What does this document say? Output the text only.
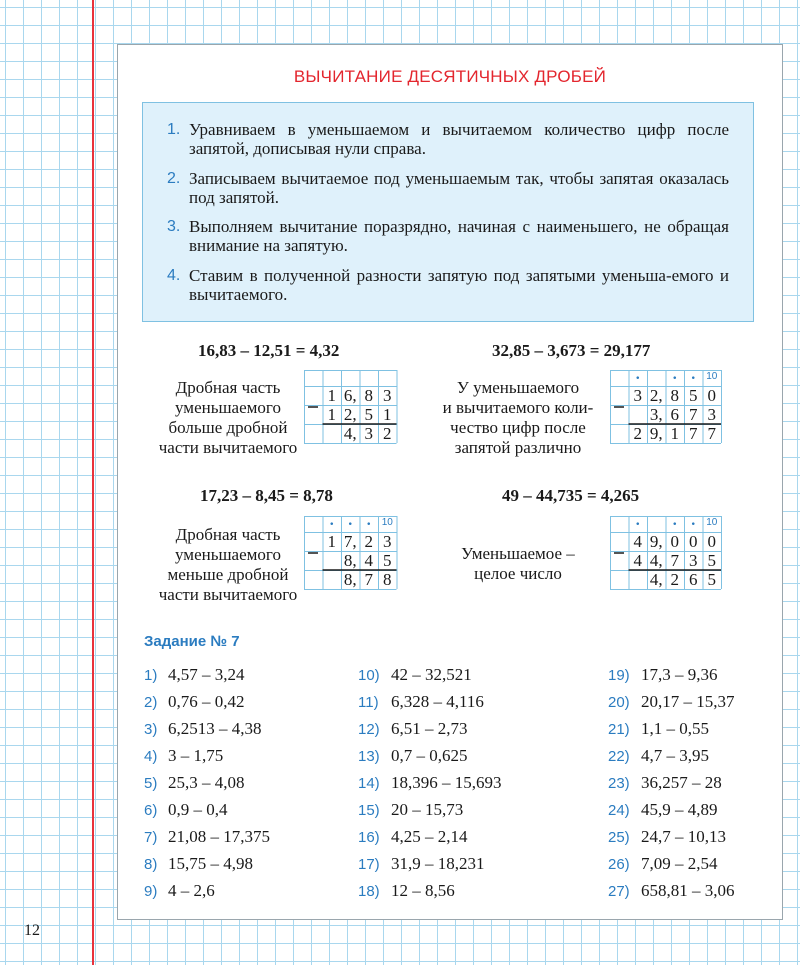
12
ВЫЧИТАНИЕ ДЕСЯТИЧНЫХ ДРОБЕЙ
1. Уравниваем в уменьшаемом и вычитаемом количество цифр после запятой, дописывая нули справа.
2. Записываем вычитаемое под уменьшаемым так, чтобы запятая оказалась под запятой.
3. Выполняем вычитание поразрядно, начиная с наименьшего, не обращая внимание на запятую.
4. Ставим в полученной разности запятую под запятыми уменьша-емого и вычитаемого.
16,83 – 12,51 = 4,32
Дробная часть
уменьшаемого
больше дробной
части вычитаемого
1 6, 8 3
1 2, 5 1
4, 3 2
32,85 – 3,673 = 29,177
У уменьшаемого
и вычитаемого коли-
чество цифр после
запятой различно
.	. .	10
3 2, 8 5 0
3, 6 7 3
2 9, 1 7 7
17,23 – 8,45 = 8,78
Дробная часть
уменьшаемого
меньше дробной
части вычитаемого
. . .	10
1 7, 2 3
8, 4 5
8, 7 8
49 – 44,735 = 4,265
Уменьшаемое –
целое число
.	. .	10
4 9, 0 0 0
4 4, 7 3 5
4, 2 6 5
Задание № 7
1) 4,57 – 3,24
2) 0,76 – 0,42
3) 6,2513 – 4,38
4) 3 – 1,75
5) 25,3 – 4,08
6) 0,9 – 0,4
7) 21,08 – 17,375
8) 15,75 – 4,98
9) 4 – 2,6
10) 42 – 32,521
11) 6,328 – 4,116
12) 6,51 – 2,73
13) 0,7 – 0,625
14) 18,396 – 15,693
15) 20 – 15,73
16) 4,25 – 2,14
17) 31,9 – 18,231
18) 12 – 8,56
19) 17,3 – 9,36
20) 20,17 – 15,37
21) 1,1 – 0,55
22) 4,7 – 3,95
23) 36,257 – 28
24) 45,9 – 4,89
25) 24,7 – 10,13
26) 7,09 – 2,54
27) 658,81 – 3,06
